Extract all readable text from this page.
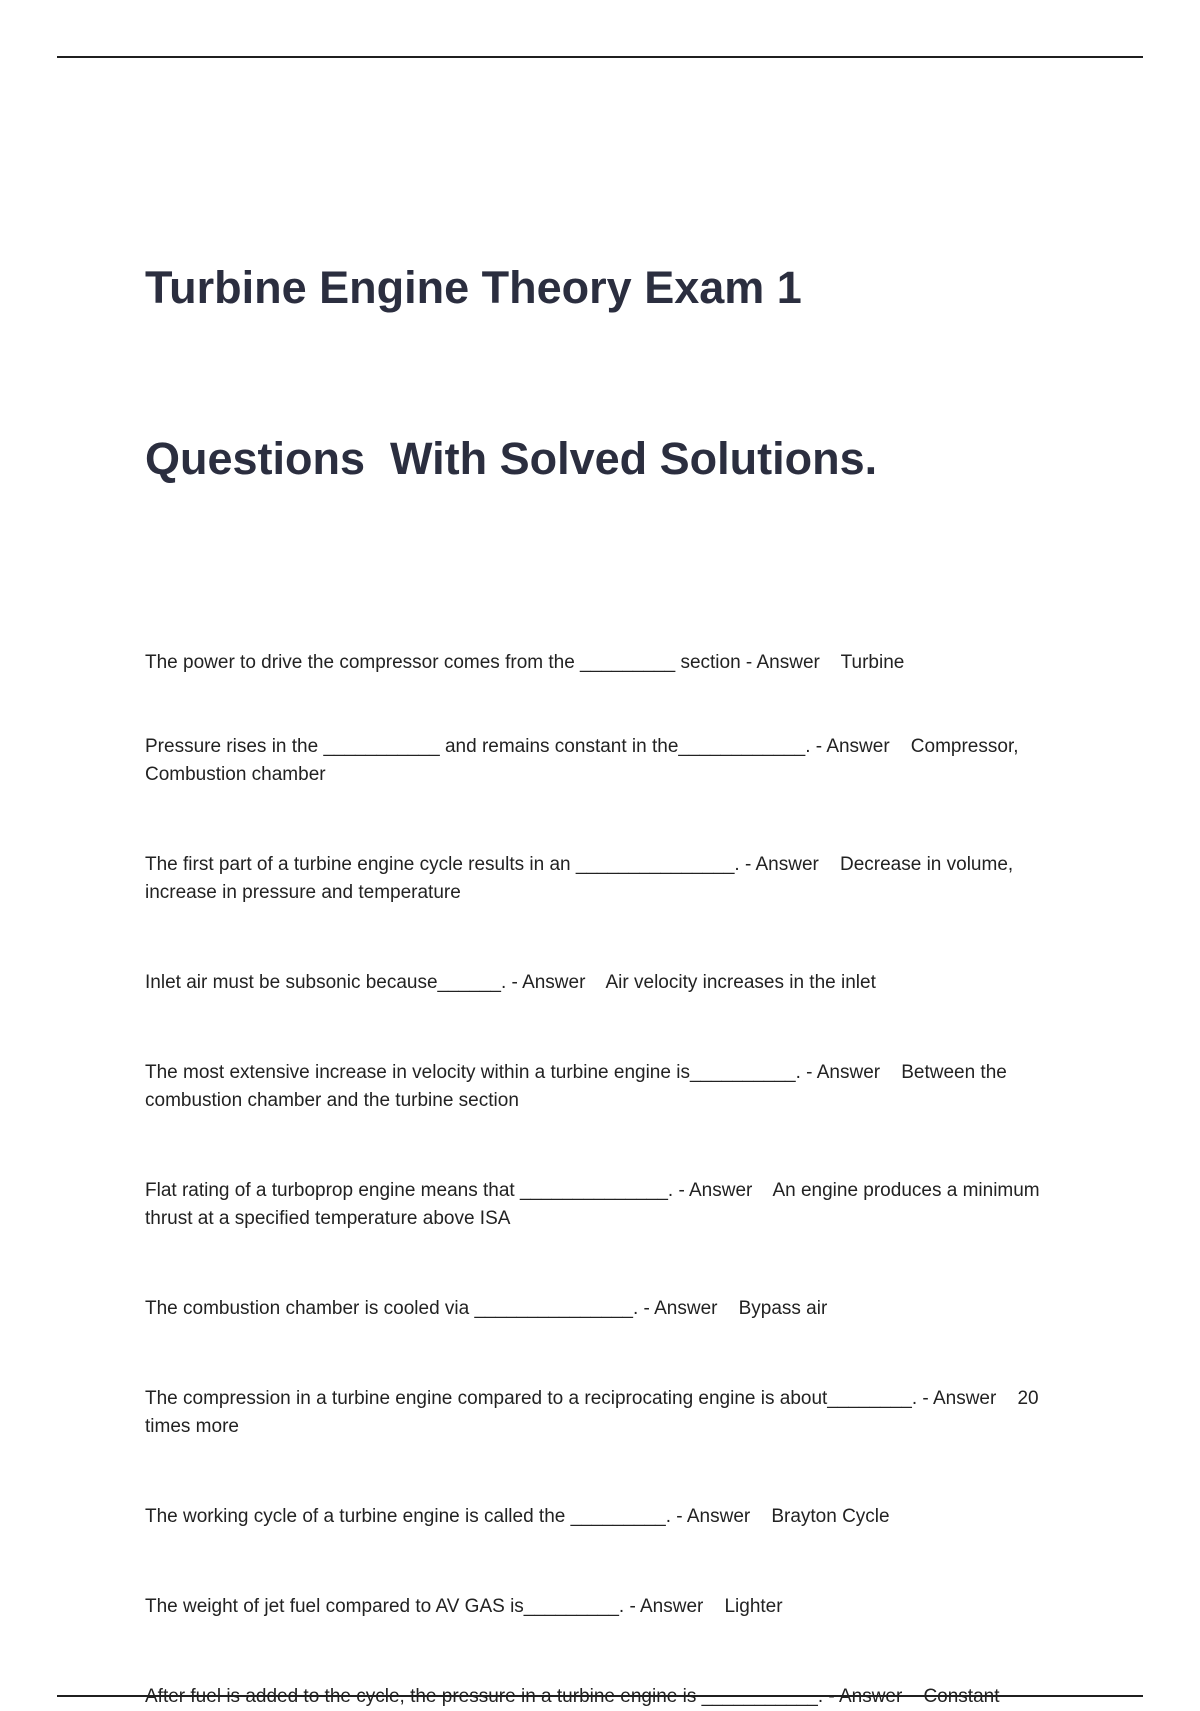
Turbine Engine Theory Exam 1

Questions  With Solved Solutions.

The power to drive the compressor comes from the _________ section - Answer    Turbine
Pressure rises in the ___________ and remains constant in the____________. - Answer    Compressor, Combustion chamber
The first part of a turbine engine cycle results in an _______________. - Answer    Decrease in volume, increase in pressure and temperature
Inlet air must be subsonic because______. - Answer    Air velocity increases in the inlet
The most extensive increase in velocity within a turbine engine is__________. - Answer    Between the combustion chamber and the turbine section
Flat rating of a turboprop engine means that ______________. - Answer    An engine produces a minimum thrust at a specified temperature above ISA
The combustion chamber is cooled via _______________. - Answer    Bypass air
The compression in a turbine engine compared to a reciprocating engine is about________. - Answer    20 times more
The working cycle of a turbine engine is called the _________. - Answer    Brayton Cycle
The weight of jet fuel compared to AV GAS is_________. - Answer    Lighter
After fuel is added to the cycle, the pressure in a turbine engine is ___________. - Answer    Constant
